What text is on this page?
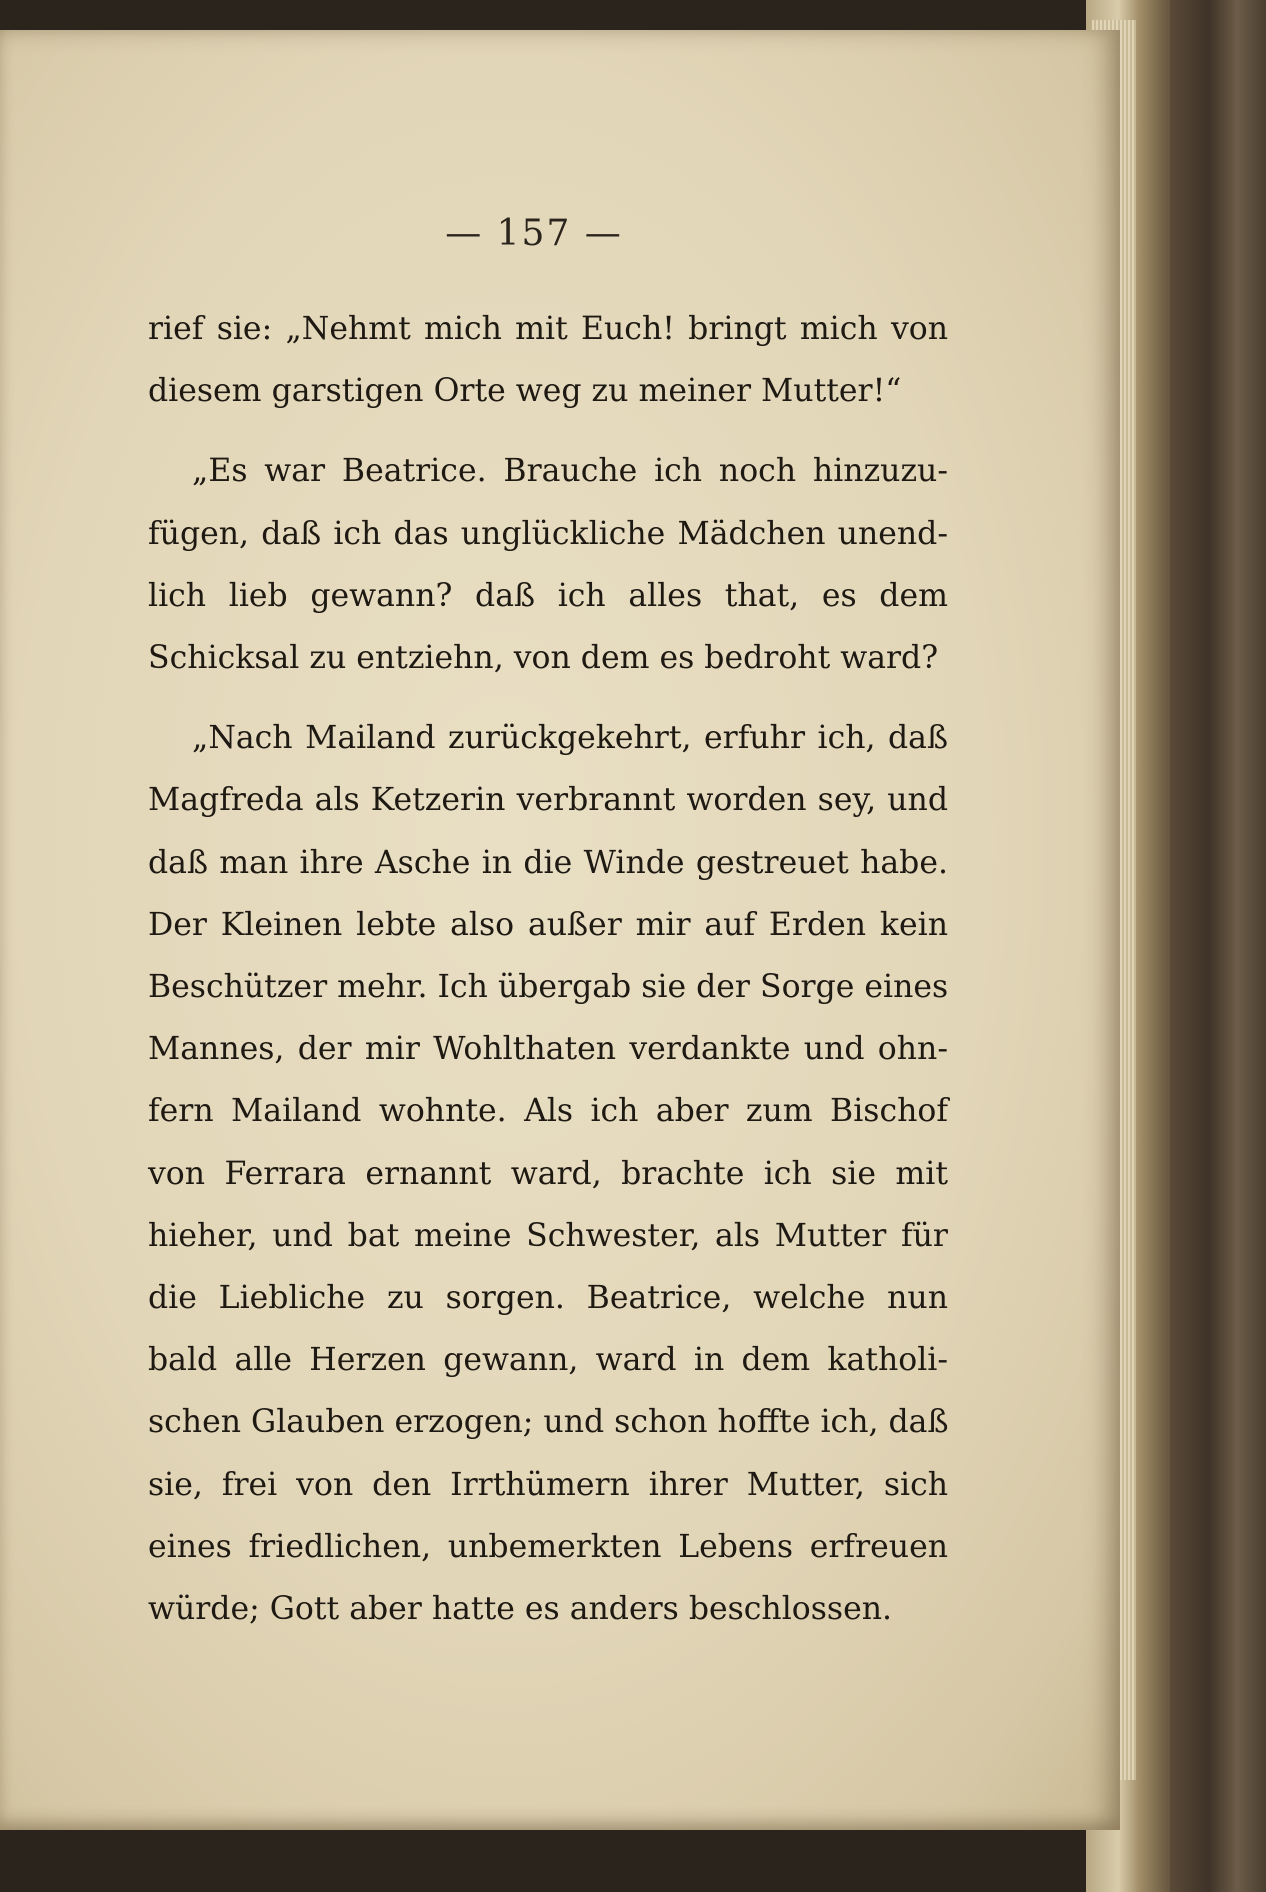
— 157 —
rief sie: „Nehmt mich mit Euch! bringt mich von
diesem garstigen Orte weg zu meiner Mutter!“
„Es war Beatrice. Brauche ich noch hinzuzu-
fügen, daß ich das unglückliche Mädchen unend-
lich lieb gewann? daß ich alles that, es dem
Schicksal zu entziehn, von dem es bedroht ward?
„Nach Mailand zurückgekehrt, erfuhr ich, daß
Magfreda als Ketzerin verbrannt worden sey, und
daß man ihre Asche in die Winde gestreuet habe.
Der Kleinen lebte also außer mir auf Erden kein
Beschützer mehr. Ich übergab sie der Sorge eines
Mannes, der mir Wohlthaten verdankte und ohn-
fern Mailand wohnte. Als ich aber zum Bischof
von Ferrara ernannt ward, brachte ich sie mit
hieher, und bat meine Schwester, als Mutter für
die Liebliche zu sorgen. Beatrice, welche nun
bald alle Herzen gewann, ward in dem katholi-
schen Glauben erzogen; und schon hoffte ich, daß
sie, frei von den Irrthümern ihrer Mutter, sich
eines friedlichen, unbemerkten Lebens erfreuen
würde; Gott aber hatte es anders beschlossen.
